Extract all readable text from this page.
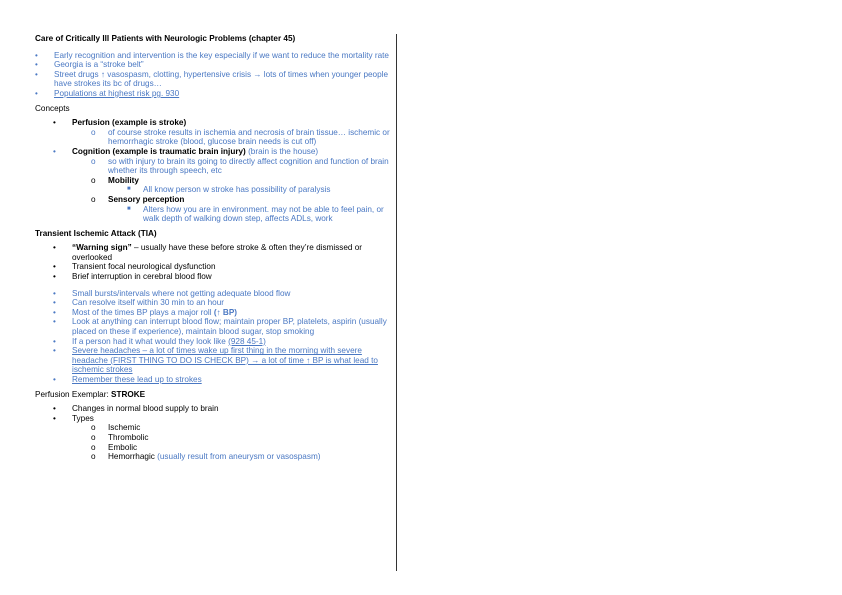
Care of Critically Ill Patients with Neurologic Problems (chapter 45)
• Early recognition and intervention is the key especially if we want to reduce the mortality rate
• Georgia is a “stroke belt”
• Street drugs ↑ vasospasm, clotting, hypertensive crisis → lots of times when younger people have strokes its bc of drugs…
• Populations at highest risk pg. 930
Concepts
• Perfusion (example is stroke)
o of course stroke results in ischemia and necrosis of brain tissue… ischemic or hemorrhagic stroke (blood, glucose brain needs is cut off)
• Cognition (example is traumatic brain injury) (brain is the house)
o so with injury to brain its going to directly affect cognition and function of brain whether its through speech, etc
o Mobility
■ All know person w stroke has possibility of paralysis
o Sensory perception
■ Alters how you are in environment. may not be able to feel pain, or walk depth of walking down step, affects ADLs, work
Transient Ischemic Attack (TIA)
• “Warning sign” – usually have these before stroke & often they’re dismissed or overlooked
• Transient focal neurological dysfunction
• Brief interruption in cerebral blood flow
• Small bursts/intervals where not getting adequate blood flow
• Can resolve itself within 30 min to an hour
• Most of the times BP plays a major roll (↑ BP)
• Look at anything can interrupt blood flow; maintain proper BP, platelets, aspirin (usually placed on these if experience), maintain blood sugar, stop smoking
• If a person had it what would they look like (928 45-1)
• Severe headaches – a lot of times wake up first thing in the morning with severe headache (FIRST THING TO DO IS CHECK BP) → a lot of time ↑ BP is what lead to ischemic strokes
• Remember these lead up to strokes
Perfusion Exemplar: STROKE
• Changes in normal blood supply to brain
• Types
o Ischemic
o Thrombolic
o Embolic
o Hemorrhagic (usually result from aneurysm or vasospasm)
